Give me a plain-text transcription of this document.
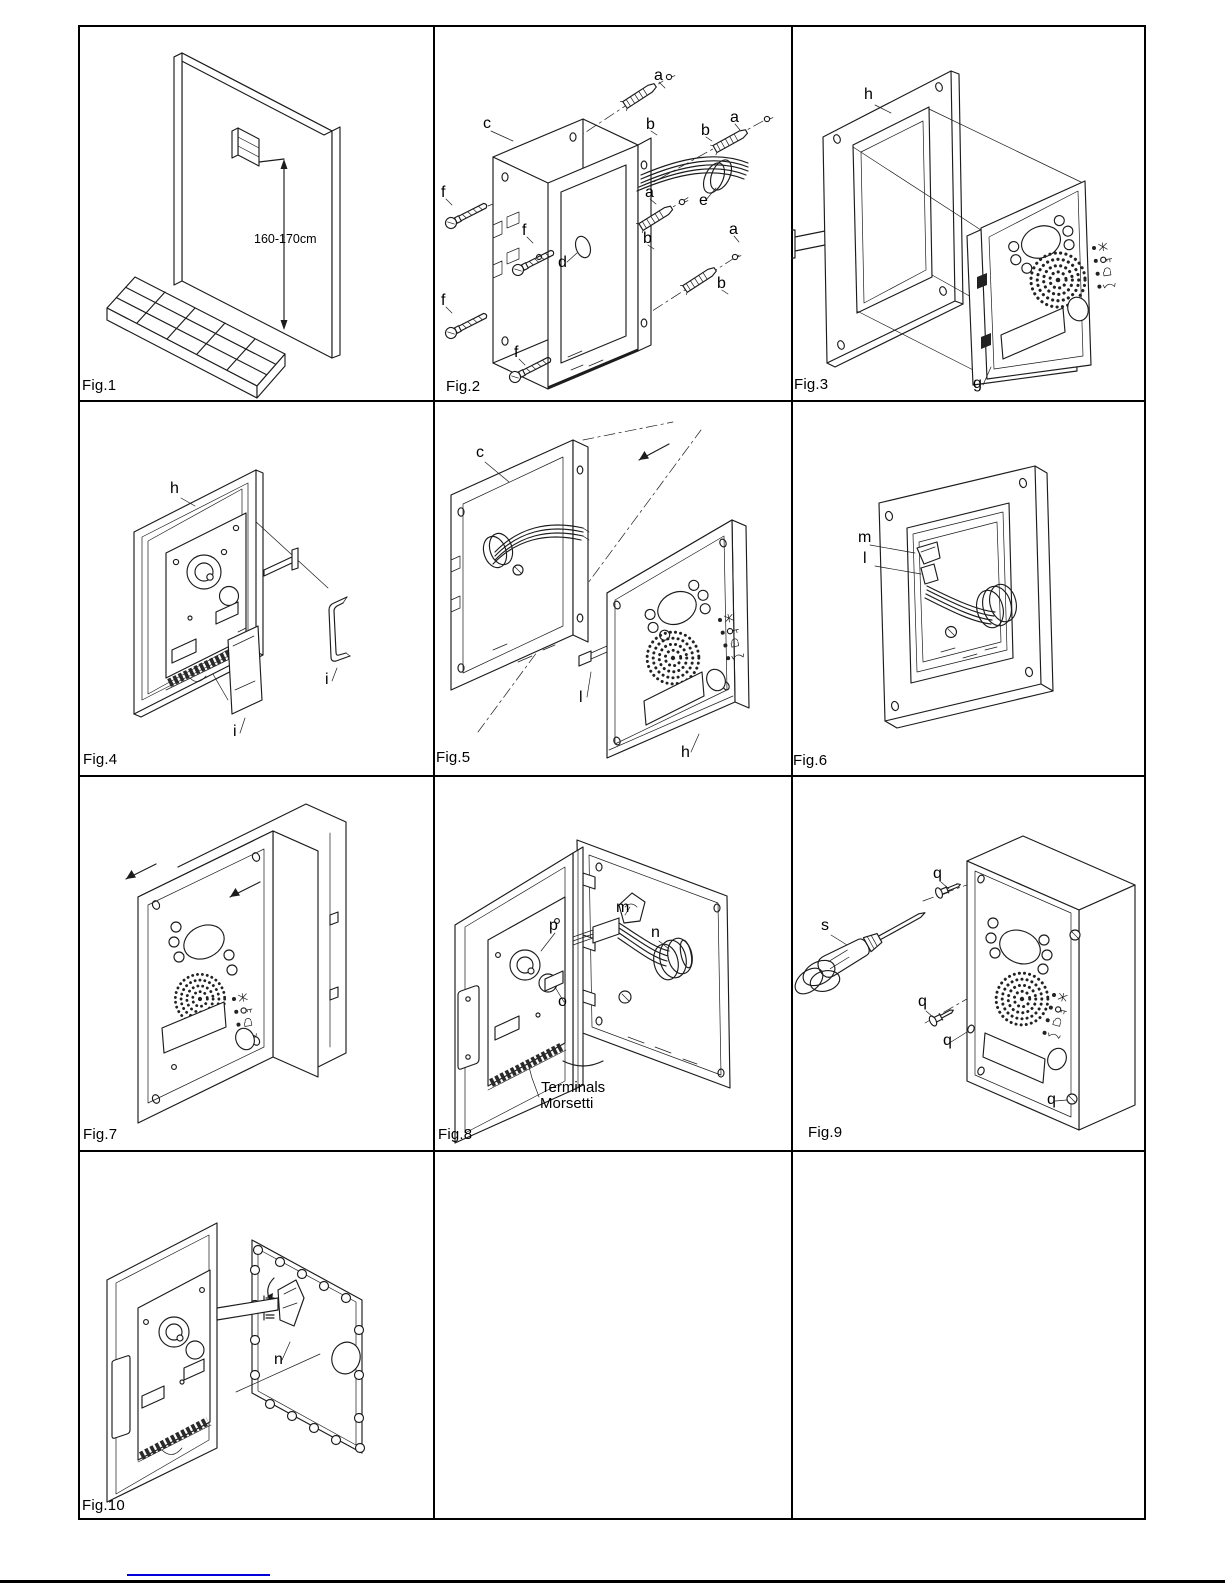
160-170cm
Fig.1
c
a
b	a
b
e
a
b
a
b
f
f
d
f
f
Fig.2
h
g
Fig.3
h
i
i
Fig.4
c
l
h
Fig.5
m
l
Fig.6
Fig.7
p
m
n
o
Terminals
Morsetti
Fig.8
q
s
q
q
q
Fig.9
n
Fig.10
